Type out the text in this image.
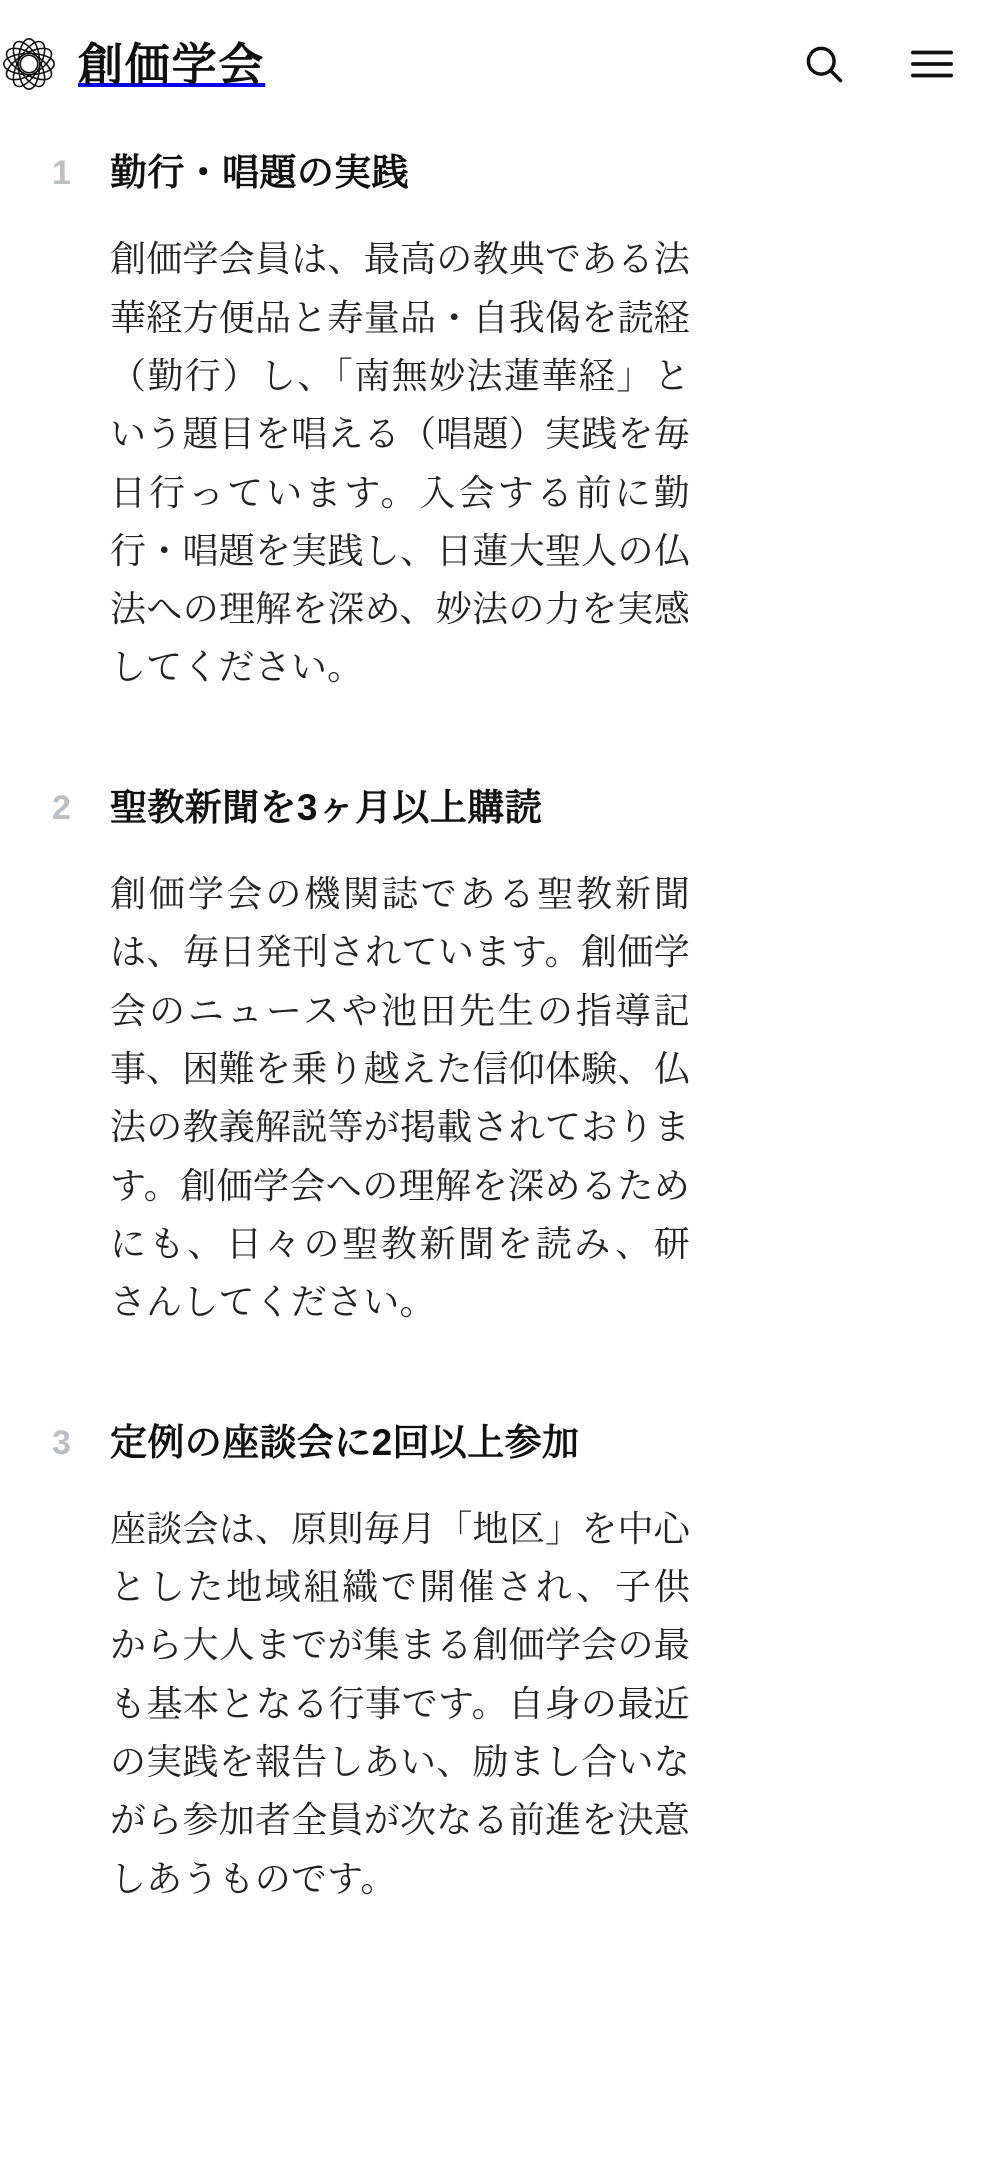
創価学会
1 勤行・唱題の実践

創価学会員は、最高の教典である法華経方便品と寿量品・自我偈を読経（勤行）し、「南無妙法蓮華経」という題目を唱える（唱題）実践を毎日行っています。入会する前に勤行・唱題を実践し、日蓮大聖人の仏法への理解を深め、妙法の力を実感してください。

2 聖教新聞を3ヶ月以上購読

創価学会の機関誌である聖教新聞は、毎日発刊されています。創価学会のニュースや池田先生の指導記事、困難を乗り越えた信仰体験、仏法の教義解説等が掲載されております。創価学会への理解を深めるためにも、日々の聖教新聞を読み、研さんしてください。

3 定例の座談会に2回以上参加

座談会は、原則毎月「地区」を中心とした地域組織で開催され、子供から大人までが集まる創価学会の最も基本となる行事です。自身の最近の実践を報告しあい、励まし合いながら参加者全員が次なる前進を決意しあうものです。
